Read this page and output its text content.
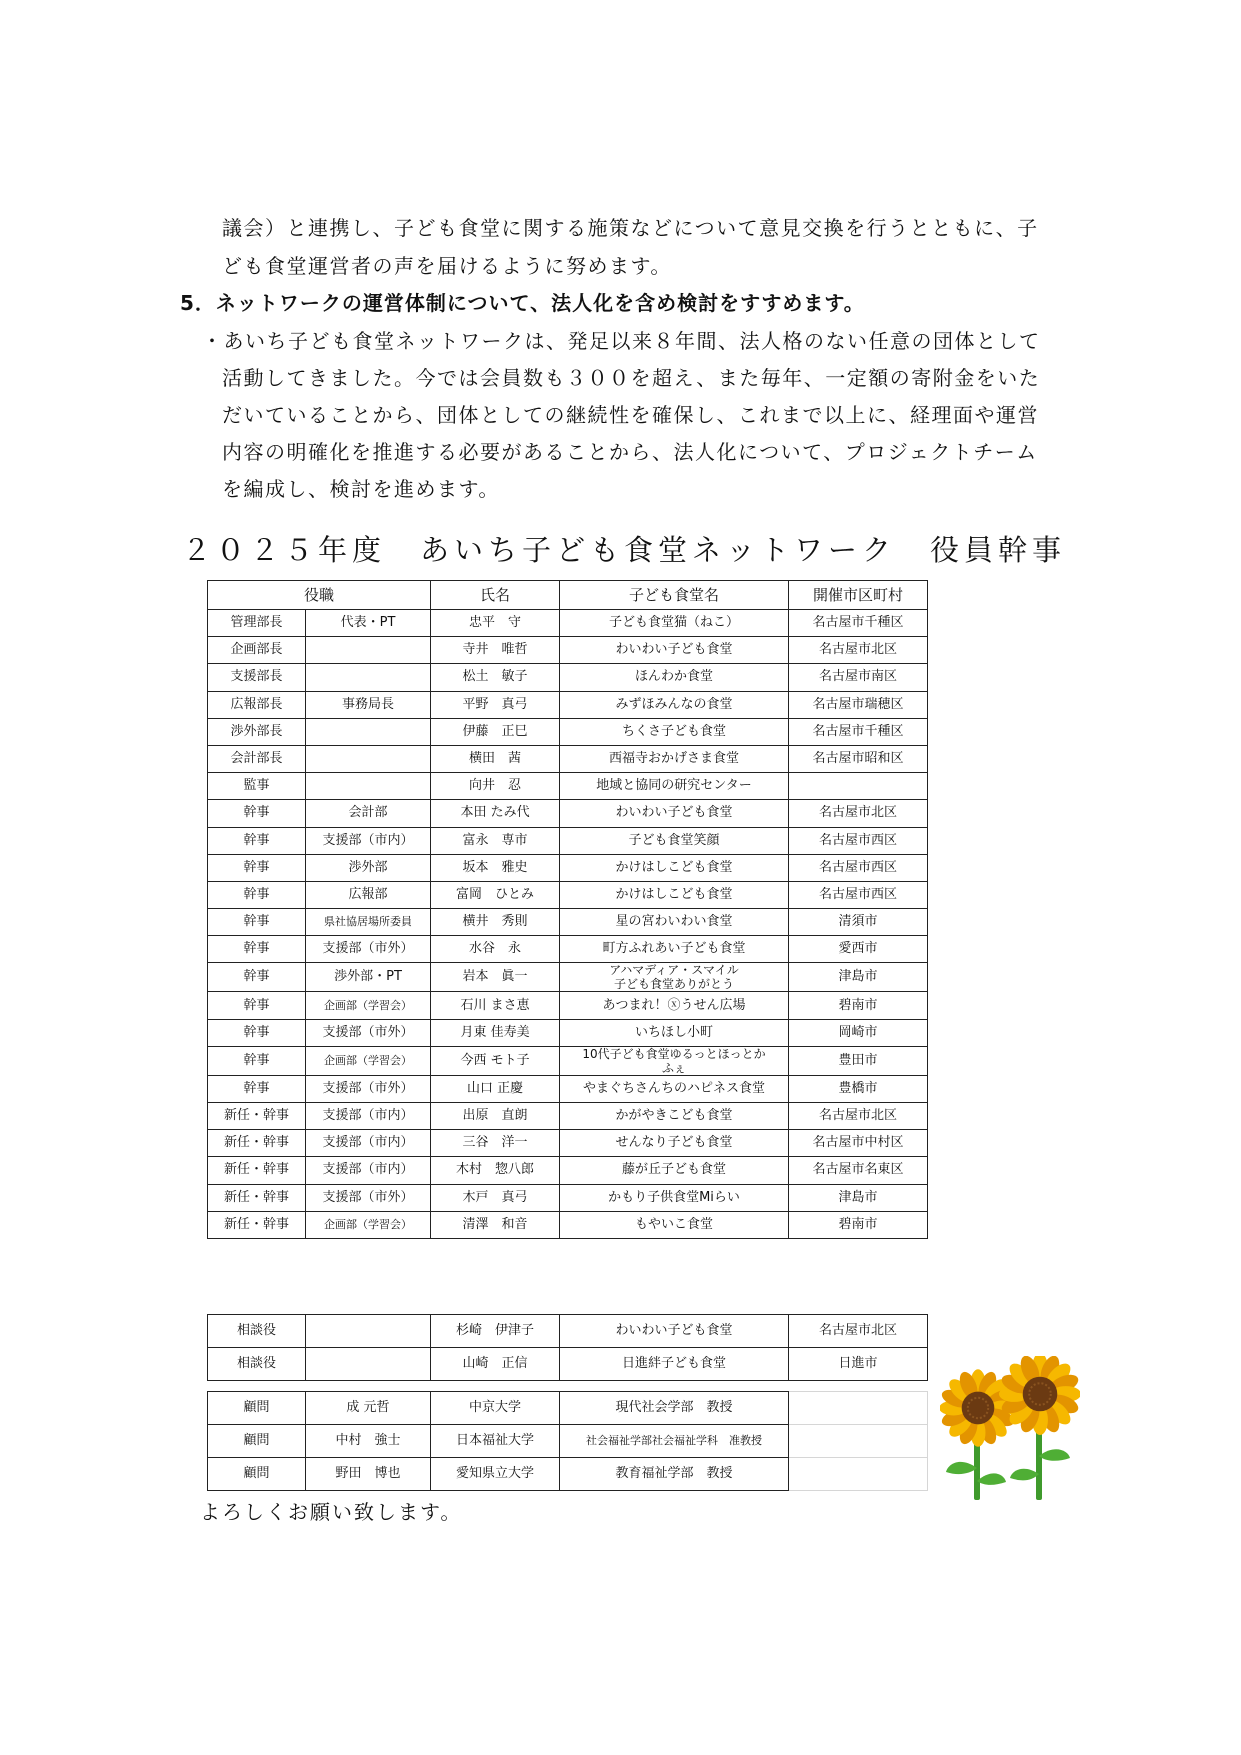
議会）と連携し、子ども食堂に関する施策などについて意見交換を行うとともに、子
ども食堂運営者の声を届けるように努めます。
5．ネットワークの運営体制について、法人化を含め検討をすすめます。
・あいち子ども食堂ネットワークは、発足以来８年間、法人格のない任意の団体として
活動してきました。今では会員数も３００を超え、また毎年、一定額の寄附金をいた
だいていることから、団体としての継続性を確保し、これまで以上に、経理面や運営
内容の明確化を推進する必要があることから、法人化について、プロジェクトチーム
を編成し、検討を進めます。
２０２５年度　あいち子ども食堂ネットワーク　役員幹事
役職		氏名	子ども食堂名	開催市区町村
管理部長	代表・PT	忠平　守	子ども食堂猫（ねこ）	名古屋市千種区
企画部長		寺井　唯哲	わいわい子ども食堂	名古屋市北区
支援部長		松土　敏子	ほんわか食堂	名古屋市南区
広報部長	事務局長	平野　真弓	みずほみんなの食堂	名古屋市瑞穂区
渉外部長		伊藤　正巳	ちくさ子ども食堂	名古屋市千種区
会計部長		横田　茜	西福寺おかげさま食堂	名古屋市昭和区
監事		向井　忍	地域と協同の研究センター	
幹事	会計部	本田 たみ代	わいわい子ども食堂	名古屋市北区
幹事	支援部（市内）	富永　専市	子ども食堂笑顔	名古屋市西区
幹事	渉外部	坂本　雅史	かけはしこども食堂	名古屋市西区
幹事	広報部	富岡　ひとみ	かけはしこども食堂	名古屋市西区
幹事	県社協居場所委員	横井　秀則	星の宮わいわい食堂	清須市
幹事	支援部（市外）	水谷　永	町方ふれあい子ども食堂	愛西市
幹事	渉外部・PT	岩本　眞一	アハマディア・スマイル
子ども食堂ありがとう	津島市
幹事	企画部（学習会）	石川 まさ恵	あつまれ！ⓧうせん広場	碧南市
幹事	支援部（市外）	月東 佳寿美	いちほし小町	岡崎市
幹事	企画部（学習会）	今西 モト子	10代子ども食堂ゆるっとほっとか
ふぇ	豊田市
幹事	支援部（市外）	山口 正慶	やまぐちさんちのハピネス食堂	豊橋市
新任・幹事	支援部（市内）	出原　直朗	かがやきこども食堂	名古屋市北区
新任・幹事	支援部（市内）	三谷　洋一	せんなり子ども食堂	名古屋市中村区
新任・幹事	支援部（市内）	木村　惣八郎	藤が丘子ども食堂	名古屋市名東区
新任・幹事	支援部（市外）	木戸　真弓	かもり子供食堂Miらい	津島市
新任・幹事	企画部（学習会）	清澤　和音	もやいこ食堂	碧南市
相談役		杉崎　伊津子	わいわい子ども食堂	名古屋市北区
相談役		山崎　正信	日進絆子ども食堂	日進市
顧問	成 元哲	中京大学	現代社会学部　教授	
顧問	中村　強士	日本福祉大学	社会福祉学部社会福祉学科　准教授	
顧問	野田　博也	愛知県立大学	教育福祉学部　教授	
よろしくお願い致します。
